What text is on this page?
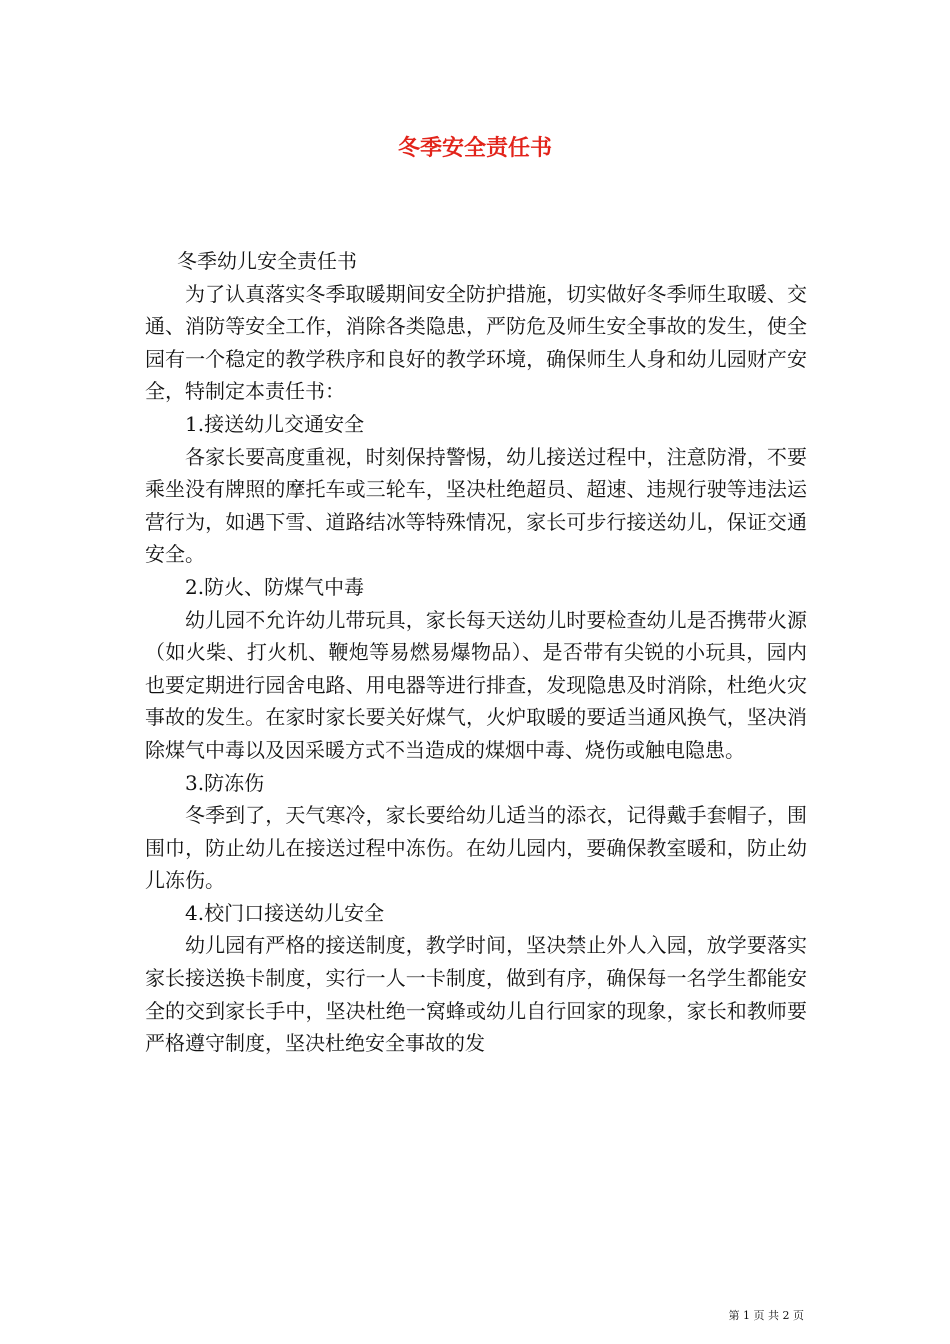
冬季安全责任书

冬季幼儿安全责任书

为了认真落实冬季取暖期间安全防护措施，切实做好冬季师生取暖、交通、消防等安全工作，消除各类隐患，严防危及师生安全事故的发生，使全园有一个稳定的教学秩序和良好的教学环境，确保师生人身和幼儿园财产安全，特制定本责任书：

1.接送幼儿交通安全

各家长要高度重视，时刻保持警惕，幼儿接送过程中，注意防滑，不要乘坐没有牌照的摩托车或三轮车，坚决杜绝超员、超速、违规行驶等违法运营行为，如遇下雪、道路结冰等特殊情况，家长可步行接送幼儿，保证交通安全。

2.防火、防煤气中毒

幼儿园不允许幼儿带玩具，家长每天送幼儿时要检查幼儿是否携带火源（如火柴、打火机、鞭炮等易燃易爆物品）、是否带有尖锐的小玩具，园内也要定期进行园舍电路、用电器等进行排查，发现隐患及时消除，杜绝火灾事故的发生。在家时家长要关好煤气，火炉取暖的要适当通风换气，坚决消除煤气中毒以及因采暖方式不当造成的煤烟中毒、烧伤或触电隐患。

3.防冻伤

冬季到了，天气寒冷，家长要给幼儿适当的添衣，记得戴手套帽子，围围巾，防止幼儿在接送过程中冻伤。在幼儿园内，要确保教室暖和，防止幼儿冻伤。

4.校门口接送幼儿安全

幼儿园有严格的接送制度，教学时间，坚决禁止外人入园，放学要落实家长接送换卡制度，实行一人一卡制度，做到有序，确保每一名学生都能安全的交到家长手中，坚决杜绝一窝蜂或幼儿自行回家的现象，家长和教师要严格遵守制度，坚决杜绝安全事故的发

第 1 页 共 2 页
